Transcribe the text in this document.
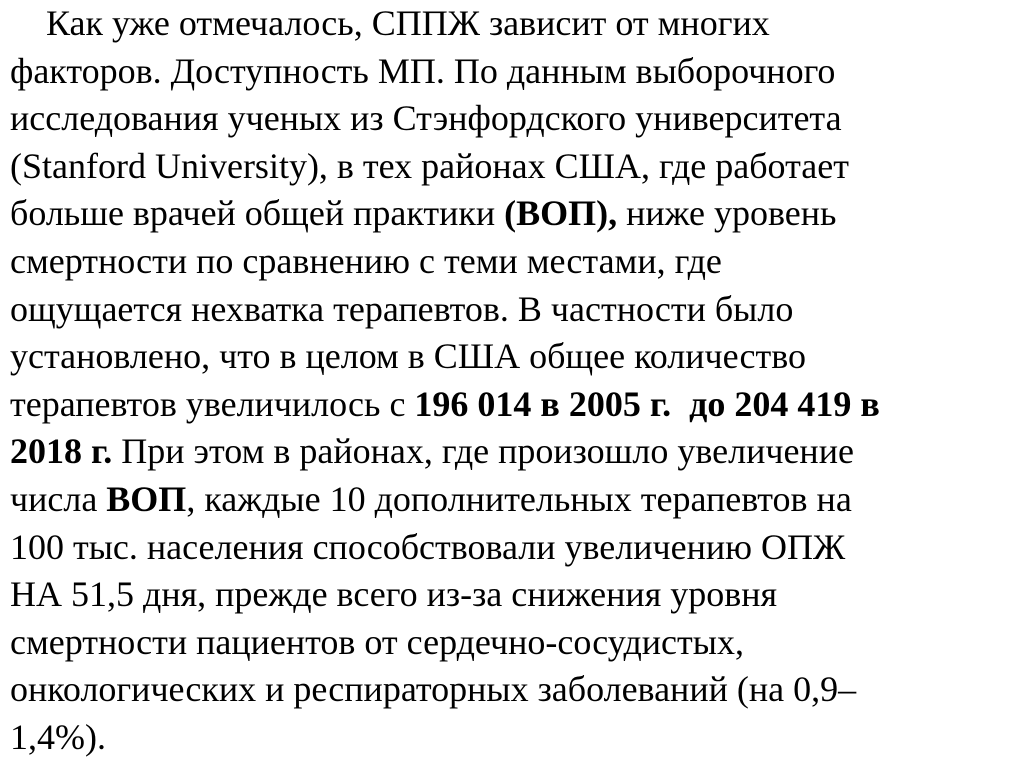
Как уже отмечалось, СППЖ зависит от многих
факторов. Доступность МП. По данным выборочного
исследования ученых из Стэнфордского университета
(Stanford University), в тех районах США, где работает
больше врачей общей практики (ВОП), ниже уровень
смертности по сравнению с теми местами, где
ощущается нехватка терапевтов. В частности было
установлено, что в целом в США общее количество
терапевтов увеличилось с 196 014 в 2005 г.  до 204 419 в
2018 г. При этом в районах, где произошло увеличение
числа ВОП, каждые 10 дополнительных терапевтов на
100 тыс. населения способствовали увеличению ОПЖ
НА 51,5 дня, прежде всего из-за снижения уровня
смертности пациентов от сердечно-сосудистых,
онкологических и респираторных заболеваний (на 0,9–
1,4%).
